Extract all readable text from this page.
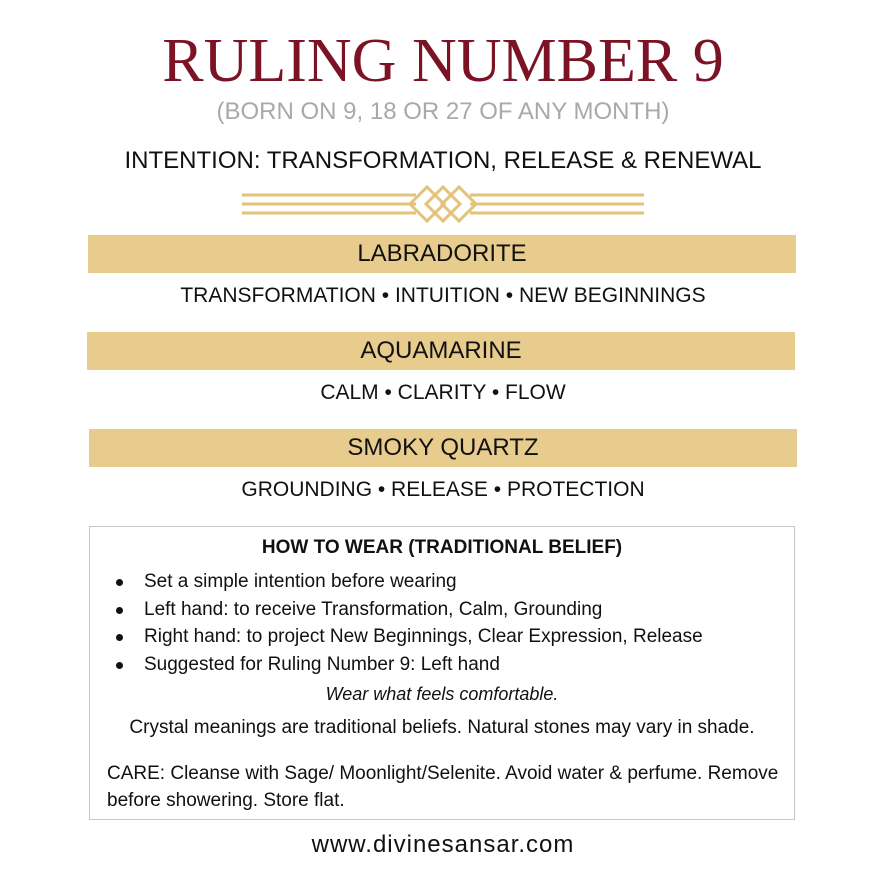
RULING NUMBER 9
(BORN ON 9, 18 OR 27 OF ANY MONTH)
INTENTION: TRANSFORMATION, RELEASE & RENEWAL
LABRADORITE
TRANSFORMATION • INTUITION • NEW BEGINNINGS
AQUAMARINE
CALM • CLARITY • FLOW
SMOKY QUARTZ
GROUNDING • RELEASE • PROTECTION
HOW TO WEAR (TRADITIONAL BELIEF)
Set a simple intention before wearing
Left hand: to receive Transformation, Calm, Grounding
Right hand: to project New Beginnings, Clear Expression, Release
Suggested for Ruling Number 9: Left hand
Wear what feels comfortable.
Crystal meanings are traditional beliefs. Natural stones may vary in shade.
CARE: Cleanse with Sage/ Moonlight/Selenite. Avoid water & perfume. Remove before showering. Store flat.
www.divinesansar.com
